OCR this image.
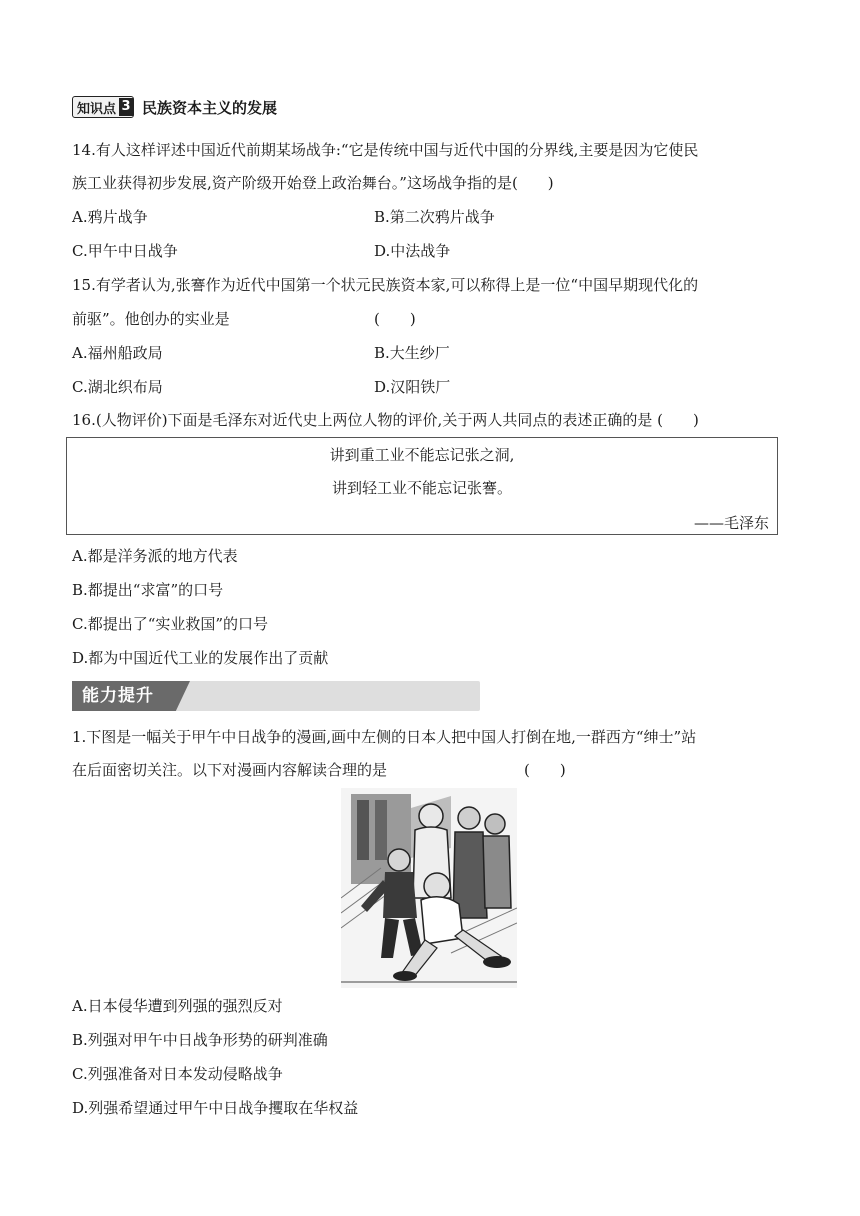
知识点 3 民族资本主义的发展
14.有人这样评述中国近代前期某场战争:“它是传统中国与近代中国的分界线,主要是因为它使民
族工业获得初步发展,资产阶级开始登上政治舞台。”这场战争指的是(　　)
A.鸦片战争	B.第二次鸦片战争
C.甲午中日战争	D.中法战争
15.有学者认为,张謇作为近代中国第一个状元民族资本家,可以称得上是一位“中国早期现代化的
前驱”。他创办的实业是	(　　)
A.福州船政局	B.大生纱厂
C.湖北织布局	D.汉阳铁厂
16.(人物评价)下面是毛泽东对近代史上两位人物的评价,关于两人共同点的表述正确的是 (　　)
讲到重工业不能忘记张之洞,
讲到轻工业不能忘记张謇。
——毛泽东
A.都是洋务派的地方代表
B.都提出“求富”的口号
C.都提出了“实业救国”的口号
D.都为中国近代工业的发展作出了贡献
能力提升
1.下图是一幅关于甲午中日战争的漫画,画中左侧的日本人把中国人打倒在地,一群西方“绅士”站
在后面密切关注。以下对漫画内容解读合理的是	(　　)
A.日本侵华遭到列强的强烈反对
B.列强对甲午中日战争形势的研判准确
C.列强准备对日本发动侵略战争
D.列强希望通过甲午中日战争攫取在华权益
